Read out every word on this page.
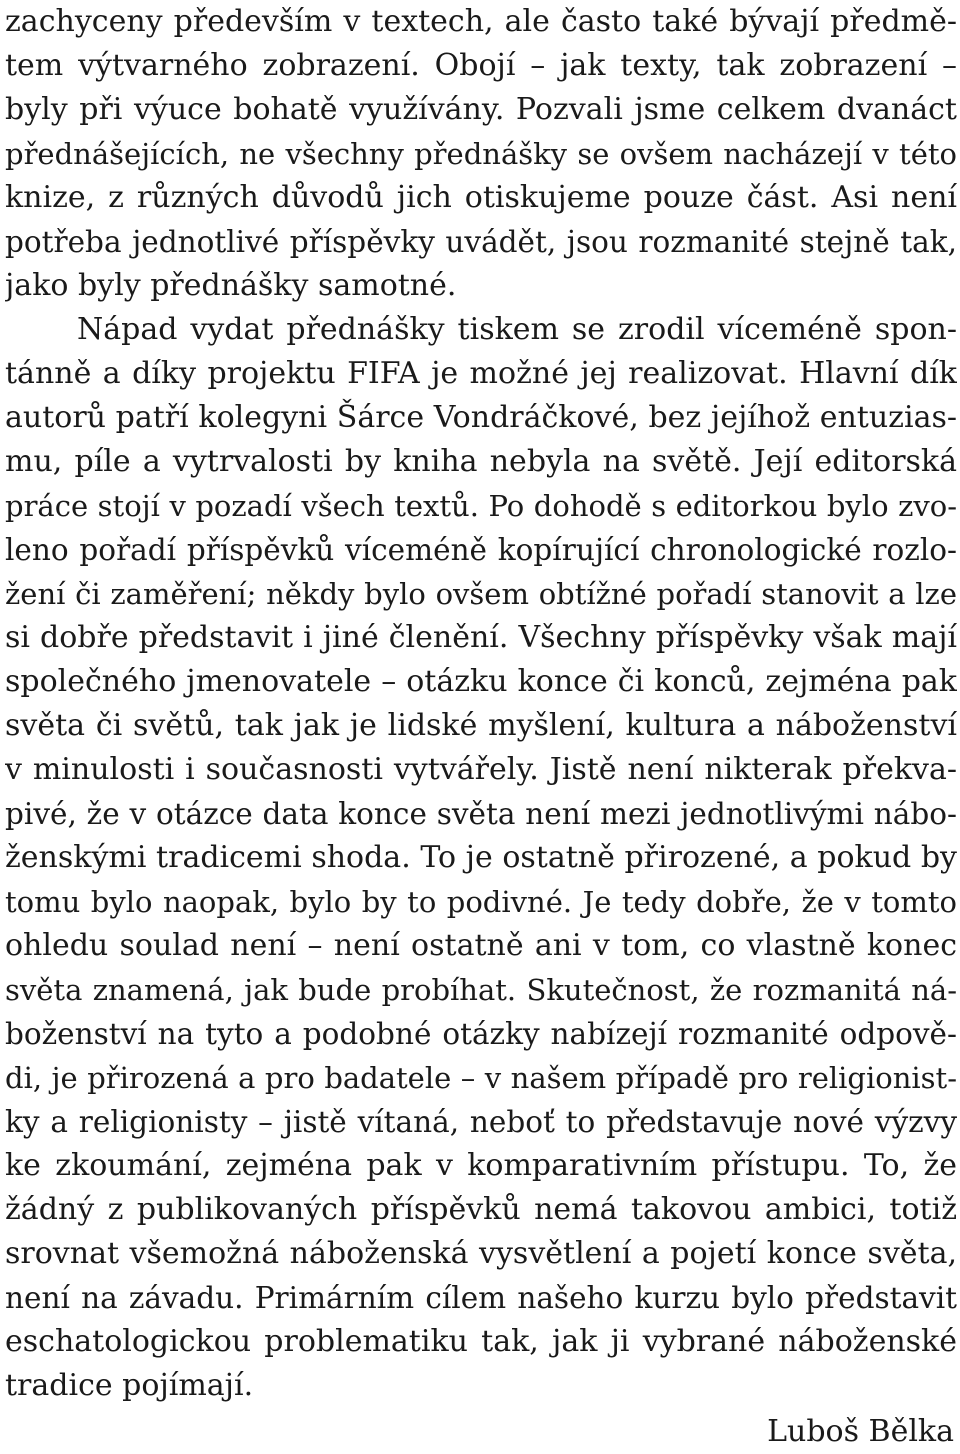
zachyceny především v textech, ale často také bývají předmě-
tem výtvarného zobrazení. Obojí – jak texty, tak zobrazení –
byly při výuce bohatě využívány. Pozvali jsme celkem dvanáct
přednášejících, ne všechny přednášky se ovšem nacházejí v této
knize, z různých důvodů jich otiskujeme pouze část. Asi není
potřeba jednotlivé příspěvky uvádět, jsou rozmanité stejně tak,
jako byly přednášky samotné.
Nápad vydat přednášky tiskem se zrodil víceméně spon-
tánně a díky projektu FIFA je možné jej realizovat. Hlavní dík
autorů patří kolegyni Šárce Vondráčkové, bez jejíhož entuzias-
mu, píle a vytrvalosti by kniha nebyla na světě. Její editorská
práce stojí v pozadí všech textů. Po dohodě s editorkou bylo zvo-
leno pořadí příspěvků víceméně kopírující chronologické rozlo-
žení či zaměření; někdy bylo ovšem obtížné pořadí stanovit a lze
si dobře představit i jiné členění. Všechny příspěvky však mají
společného jmenovatele – otázku konce či konců, zejména pak
světa či světů, tak jak je lidské myšlení, kultura a náboženství
v minulosti i současnosti vytvářely. Jistě není nikterak překva-
pivé, že v otázce data konce světa není mezi jednotlivými nábo-
ženskými tradicemi shoda. To je ostatně přirozené, a pokud by
tomu bylo naopak, bylo by to podivné. Je tedy dobře, že v tomto
ohledu soulad není – není ostatně ani v tom, co vlastně konec
světa znamená, jak bude probíhat. Skutečnost, že rozmanitá ná-
boženství na tyto a podobné otázky nabízejí rozmanité odpově-
di, je přirozená a pro badatele – v našem případě pro religionist-
ky a religionisty – jistě vítaná, neboť to představuje nové výzvy
ke zkoumání, zejména pak v komparativním přístupu. To, že
žádný z publikovaných příspěvků nemá takovou ambici, totiž
srovnat všemožná náboženská vysvětlení a pojetí konce světa,
není na závadu. Primárním cílem našeho kurzu bylo představit
eschatologickou problematiku tak, jak ji vybrané náboženské
tradice pojímají.
Luboš Bělka
